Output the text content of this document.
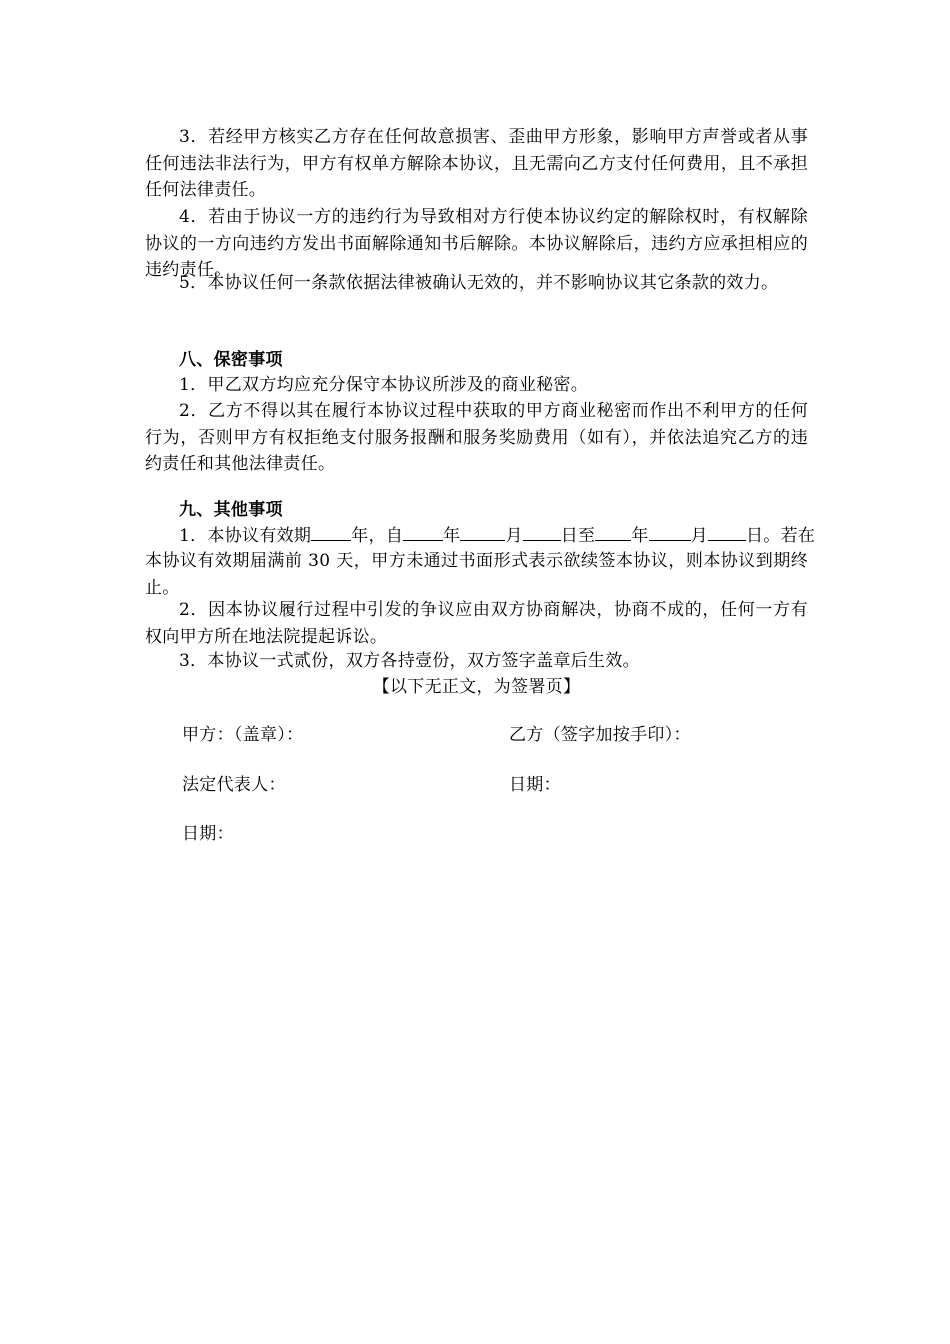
3．若经甲方核实乙方存在任何故意损害、歪曲甲方形象，影响甲方声誉或者从事任何违法非法行为，甲方有权单方解除本协议，且无需向乙方支付任何费用，且不承担任何法律责任。

4．若由于协议一方的违约行为导致相对方行使本协议约定的解除权时，有权解除协议的一方向违约方发出书面解除通知书后解除。本协议解除后，违约方应承担相应的违约责任。

5．本协议任何一条款依据法律被确认无效的，并不影响协议其它条款的效力。

八、保密事项

1．甲乙双方均应充分保守本协议所涉及的商业秘密。

2．乙方不得以其在履行本协议过程中获取的甲方商业秘密而作出不利甲方的任何行为，否则甲方有权拒绝支付服务报酬和服务奖励费用（如有），并依法追究乙方的违约责任和其他法律责任。

九、其他事项

1．本协议有效期 年，自 年	月 日至 年 月 日。若在

本协议有效期届满前 30 天，甲方未通过书面形式表示欲续签本协议，则本协议到期终止。

2．因本协议履行过程中引发的争议应由双方协商解决，协商不成的，任何一方有权向甲方所在地法院提起诉讼。

3．本协议一式贰份，双方各持壹份，双方签字盖章后生效。

【以下无正文，为签署页】

甲方：（盖章）：	乙方（签字加按手印）：

法定代表人：	日期：

日期：
